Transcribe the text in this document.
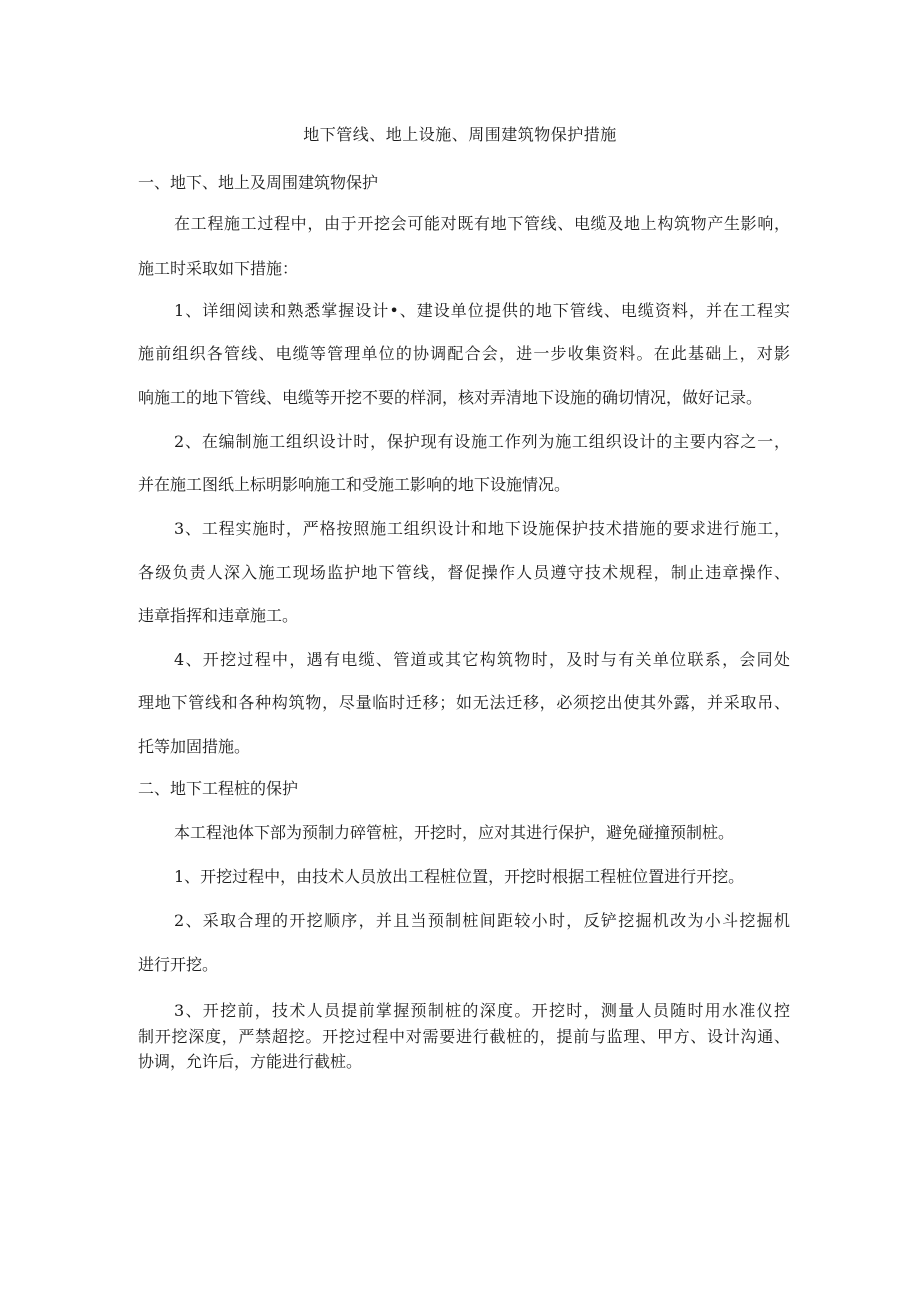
地下管线、地上设施、周围建筑物保护措施
一、地下、地上及周围建筑物保护
在工程施工过程中，由于开挖会可能对既有地下管线、电缆及地上构筑物产生影响，
施工时采取如下措施：
1、详细阅读和熟悉掌握设计•、建设单位提供的地下管线、电缆资料，并在工程实
施前组织各管线、电缆等管理单位的协调配合会，进一步收集资料。在此基础上，对影
响施工的地下管线、电缆等开挖不要的样洞，核对弄清地下设施的确切情况，做好记录。
2、在编制施工组织设计时，保护现有设施工作列为施工组织设计的主要内容之一，
并在施工图纸上标明影响施工和受施工影响的地下设施情况。
3、工程实施时，严格按照施工组织设计和地下设施保护技术措施的要求进行施工，
各级负责人深入施工现场监护地下管线，督促操作人员遵守技术规程，制止违章操作、
违章指挥和违章施工。
4、开挖过程中，遇有电缆、管道或其它构筑物时，及时与有关单位联系，会同处
理地下管线和各种构筑物，尽量临时迁移；如无法迁移，必须挖出使其外露，并采取吊、
托等加固措施。
二、地下工程桩的保护
本工程池体下部为预制力碎管桩，开挖时，应对其进行保护，避免碰撞预制桩。
1、开挖过程中，由技术人员放出工程桩位置，开挖时根据工程桩位置进行开挖。
2、采取合理的开挖顺序，并且当预制桩间距较小时，反铲挖掘机改为小斗挖掘机
进行开挖。
3、开挖前，技术人员提前掌握预制桩的深度。开挖时，测量人员随时用水准仪控
制开挖深度，严禁超挖。开挖过程中对需要进行截桩的，提前与监理、甲方、设计沟通、
协调，允许后，方能进行截桩。
